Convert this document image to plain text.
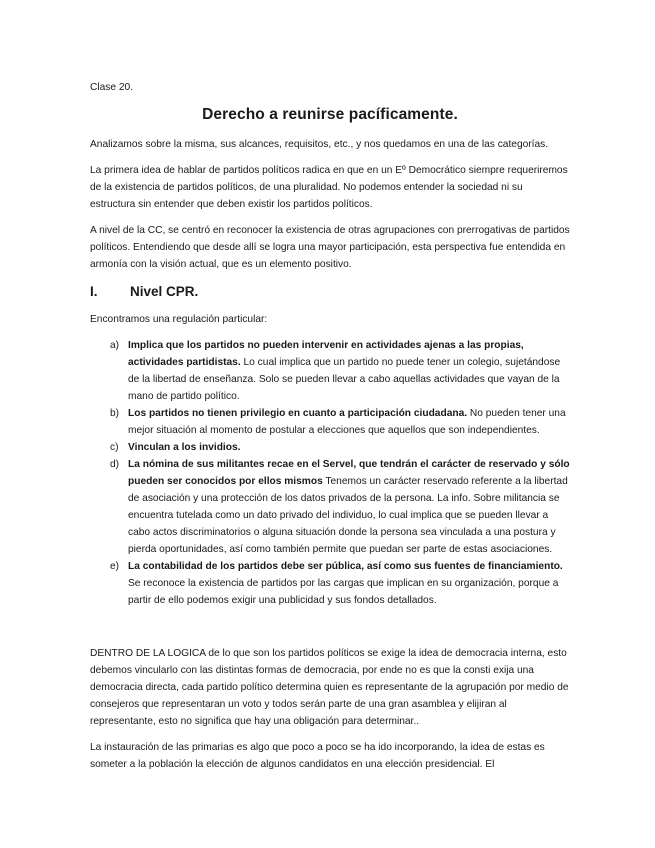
Clase 20.
Derecho a reunirse pacíficamente.

Analizamos sobre la misma, sus alcances, requisitos, etc., y nos quedamos en una de las categorías.

La primera idea de hablar de partidos políticos radica en que en un Eº Democrático siempre requeriremos de la existencia de partidos políticos, de una pluralidad. No podemos entender la sociedad ni su estructura sin entender que deben existir los partidos políticos.

A nivel de la CC, se centró en reconocer la existencia de otras agrupaciones con prerrogativas de partidos políticos. Entendiendo que desde allí se logra una mayor participación, esta perspectiva fue entendida en armonía con la visión actual, que es un elemento positivo.

I.	Nivel CPR.

Encontramos una regulación particular:

a) Implica que los partidos no pueden intervenir en actividades ajenas a las propias, actividades partidistas. Lo cual implica que un partido no puede tener un colegio, sujetándose de la libertad de enseñanza. Solo se pueden llevar a cabo aquellas actividades que vayan de la mano de partido político.
b) Los partidos no tienen privilegio en cuanto a participación ciudadana. No pueden tener una mejor situación al momento de postular a elecciones que aquellos que son independientes.
c) Vinculan a los invidios.
d) La nómina de sus militantes recae en el Servel, que tendrán el carácter de reservado y sólo pueden ser conocidos por ellos mismos Tenemos un carácter reservado referente a la libertad de asociación y una protección de los datos privados de la persona. La info. Sobre militancia se encuentra tutelada como un dato privado del individuo, lo cual implica que se pueden llevar a cabo actos discriminatorios o alguna situación donde la persona sea vinculada a una postura y pierda oportunidades, así como también permite que puedan ser parte de estas asociaciones.
e) La contabilidad de los partidos debe ser pública, así como sus fuentes de financiamiento. Se reconoce la existencia de partidos por las cargas que implican en su organización, porque a partir de ello podemos exigir una publicidad y sus fondos detallados.

DENTRO DE LA LOGICA de lo que son los partidos políticos se exige la idea de democracia interna, esto debemos vincularlo con las distintas formas de democracia, por ende no es que la consti exija una democracia directa, cada partido político determina quien es representante de la agrupación por medio de consejeros que representaran un voto y todos serán parte de una gran asamblea y elijiran al representante, esto no significa que hay una obligación para determinar..

La instauración de las primarias es algo que poco a poco se ha ido incorporando, la idea de estas es someter a la población la elección de algunos candidatos en una elección presidencial. El
